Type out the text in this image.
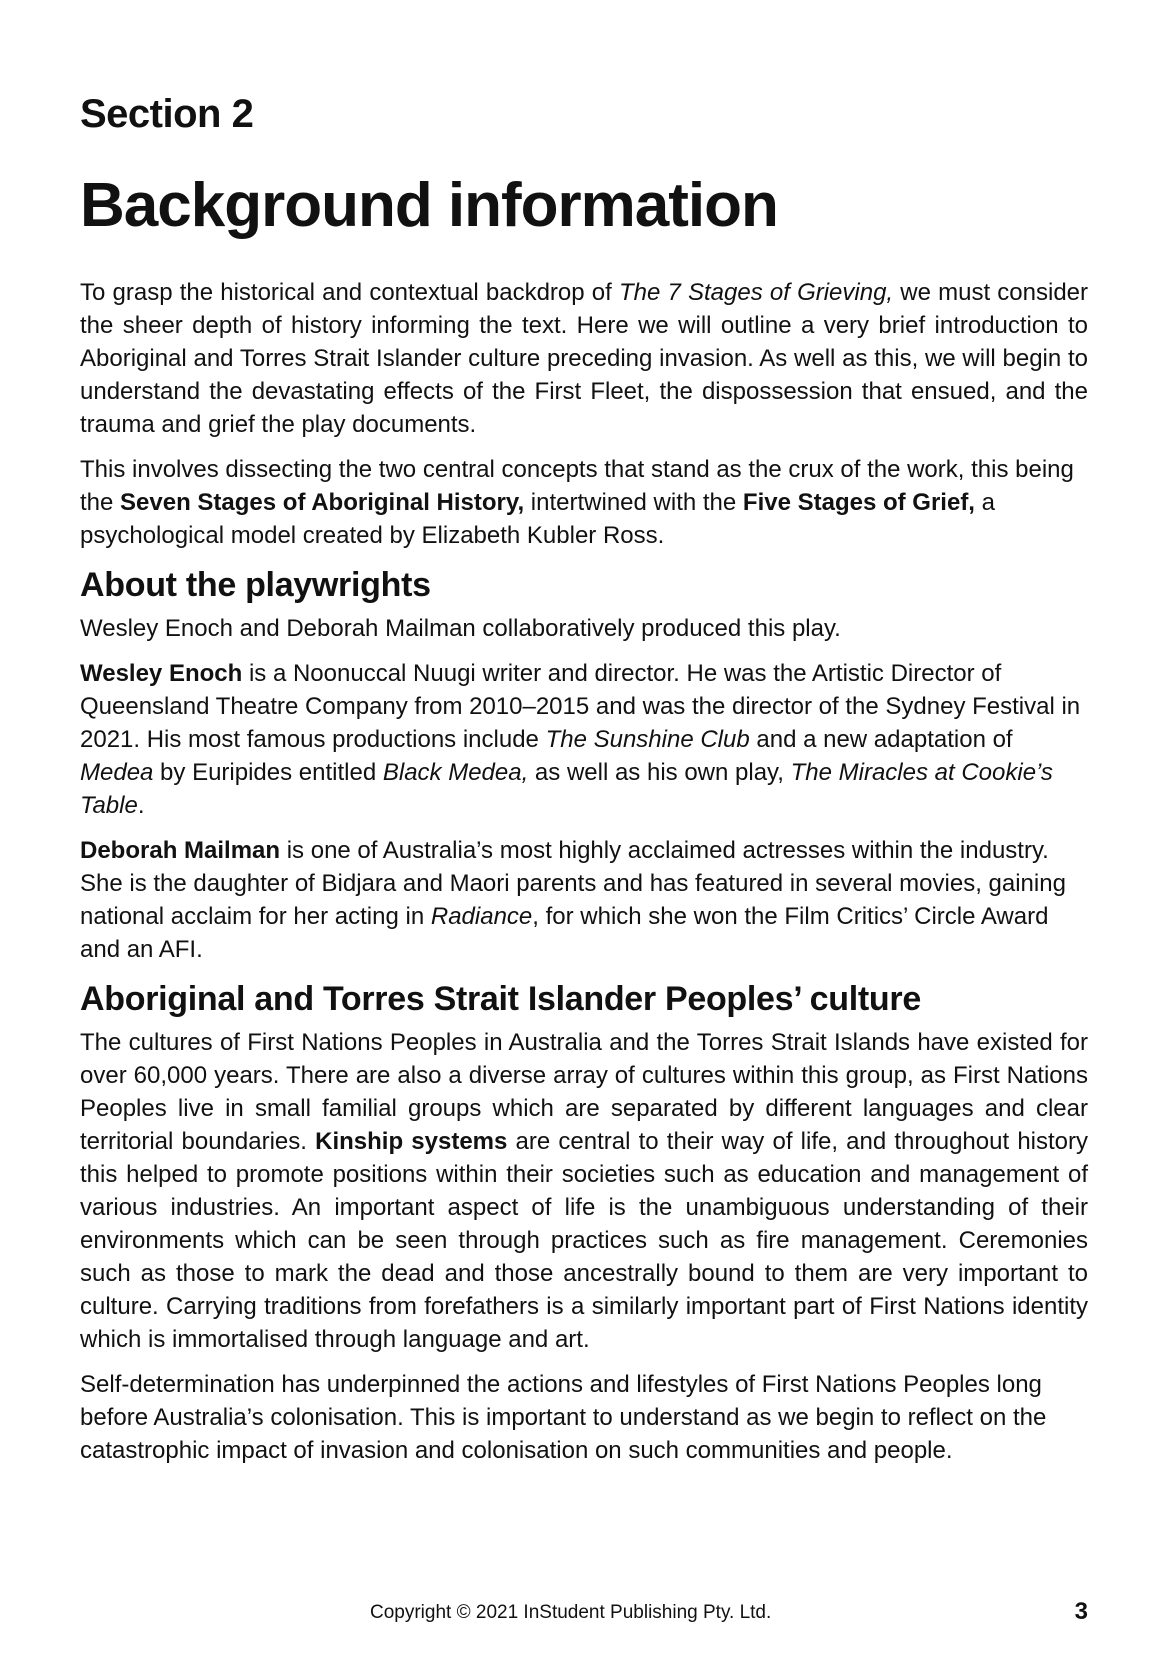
Section 2
Background information

To grasp the historical and contextual backdrop of The 7 Stages of Grieving, we must consider the sheer depth of history informing the text. Here we will outline a very brief introduction to Aboriginal and Torres Strait Islander culture preceding invasion. As well as this, we will begin to understand the devastating effects of the First Fleet, the dispossession that ensued, and the trauma and grief the play documents.

This involves dissecting the two central concepts that stand as the crux of the work, this being the Seven Stages of Aboriginal History, intertwined with the Five Stages of Grief, a psychological model created by Elizabeth Kubler Ross.

About the playwrights

Wesley Enoch and Deborah Mailman collaboratively produced this play.

Wesley Enoch is a Noonuccal Nuugi writer and director. He was the Artistic Director of Queensland Theatre Company from 2010–2015 and was the director of the Sydney Festival in 2021. His most famous productions include The Sunshine Club and a new adaptation of Medea by Euripides entitled Black Medea, as well as his own play, The Miracles at Cookie’s Table.

Deborah Mailman is one of Australia’s most highly acclaimed actresses within the industry. She is the daughter of Bidjara and Maori parents and has featured in several movies, gaining national acclaim for her acting in Radiance, for which she won the Film Critics’ Circle Award and an AFI.

Aboriginal and Torres Strait Islander Peoples’ culture

The cultures of First Nations Peoples in Australia and the Torres Strait Islands have existed for over 60,000 years. There are also a diverse array of cultures within this group, as First Nations Peoples live in small familial groups which are separated by different languages and clear territorial boundaries. Kinship systems are central to their way of life, and throughout history this helped to promote positions within their societies such as education and management of various industries. An important aspect of life is the unambiguous understanding of their environments which can be seen through practices such as fire management. Ceremonies such as those to mark the dead and those ancestrally bound to them are very important to culture. Carrying traditions from forefathers is a similarly important part of First Nations identity which is immortalised through language and art.

Self-determination has underpinned the actions and lifestyles of First Nations Peoples long before Australia’s colonisation. This is important to understand as we begin to reflect on the catastrophic impact of invasion and colonisation on such communities and people.

Copyright © 2021 InStudent Publishing Pty. Ltd.	3
